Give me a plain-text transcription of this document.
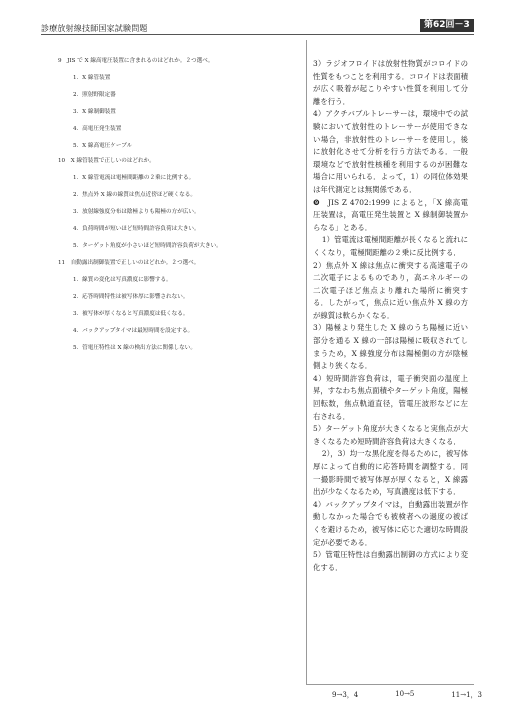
診療放射線技師国家試験問題	第62回－3
9　JIS で X 線高電圧装置に含まれるのはどれか。２つ選べ。
1．X 線管装置
2．照射野限定器
3．X 線制御装置
4．高電圧発生装置
5．X 線高電圧ケーブル
10　X 線管装置で正しいのはどれか。
1．X 線管電流は電極間距離の２乗に比例する。
2．焦点外 X 線の線質は焦点近傍ほど硬くなる。
3．放射線強度分布は陰極よりも陽極の方が広い。
4．負荷時間が短いほど短時間許容負荷は大きい。
5．ターゲット角度が小さいほど短時間許容負荷が大きい。
11　自動露出制御装置で正しいのはどれか。２つ選べ。
1．線質の変化は写真濃度に影響する。
2．応答時間特性は被写体厚に影響されない。
3．被写体が厚くなると写真濃度は低くなる。
4．バックアップタイマは最短時間を設定する。
5．管電圧特性は X 線の検出方法に関係しない。

3）ラジオフロイドは放射性物質がコロイドの性質をもつことを利用する．コロイドは表面積が広く吸着が起こりやすい性質を利用して分離を行う．

4）アクチバブルトレーサーは，環境中での試験において放射性のトレーサーが使用できない場合，非放射性のトレーサーを使用し，後に放射化させて分析を行う方法である．一般環境などで放射性核種を利用するのが困難な場合に用いられる．よって，1）の同位体効果は年代測定とは無関係である．

❾　JIS Z 4702:1999 によると，「X 線高電圧装置は，高電圧発生装置と X 線制御装置からなる」とある．

1）管電流は電極間距離が長くなると流れにくくなり，電極間距離の２乗に反比例する．

2）焦点外 X 線は焦点に衝突する高速電子の二次電子によるものであり，高エネルギーの二次電子ほど焦点より離れた場所に衝突する．したがって，焦点に近い焦点外 X 線の方が線質は軟らかくなる．

3）陽極より発生した X 線のうち陽極に近い部分を通る X 線の一部は陽極に吸収されてしまうため，X 線強度分布は陽極側の方が陰極側より狭くなる．

4）短時間許容負荷は，電子衝突面の温度上昇，すなわち焦点面積やターゲット角度，陽極回転数，焦点軌道直径，管電圧波形などに左右される．

5）ターゲット角度が大きくなると実焦点が大きくなるため短時間許容負荷は大きくなる．

2），3）均一な黒化度を得るために，被写体厚によって自動的に応答時間を調整する．同一撮影時間で被写体厚が厚くなると，X 線露出が少なくなるため，写真濃度は低下する．

4）バックアップタイマは，自動露出装置が作動しなかった場合でも被検者への過度の被ばくを避けるため，被写体に応じた適切な時間設定が必要である．

5）管電圧特性は自動露出制御の方式により変化する．

9→3，4	10→5	11→1，3
